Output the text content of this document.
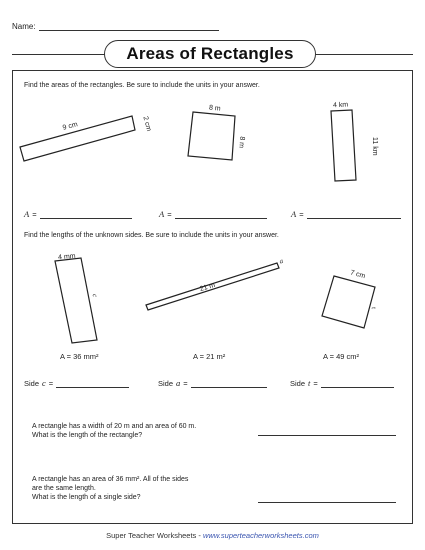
Name:
Areas of Rectangles
Find the areas of the rectangles. Be sure to include the units in your answer.
9 cm	2 cm
8 m
8 m
4 km
11 km
A =	A =	A =
Find the lengths of the unknown sides. Be sure to include the units in your answer.
4 mm
c
21 m
a
7 cm
t
A = 36 mm²	A = 21 m²	A = 49 cm²
Side c =	Side a =	Side t =
A rectangle has a width of 20 m and an area of 60 m.
What is the length of the rectangle?
A rectangle has an area of 36 mm². All of the sides
are the same length.
What is the length of a single side?
Super Teacher Worksheets - www.superteacherworksheets.com
